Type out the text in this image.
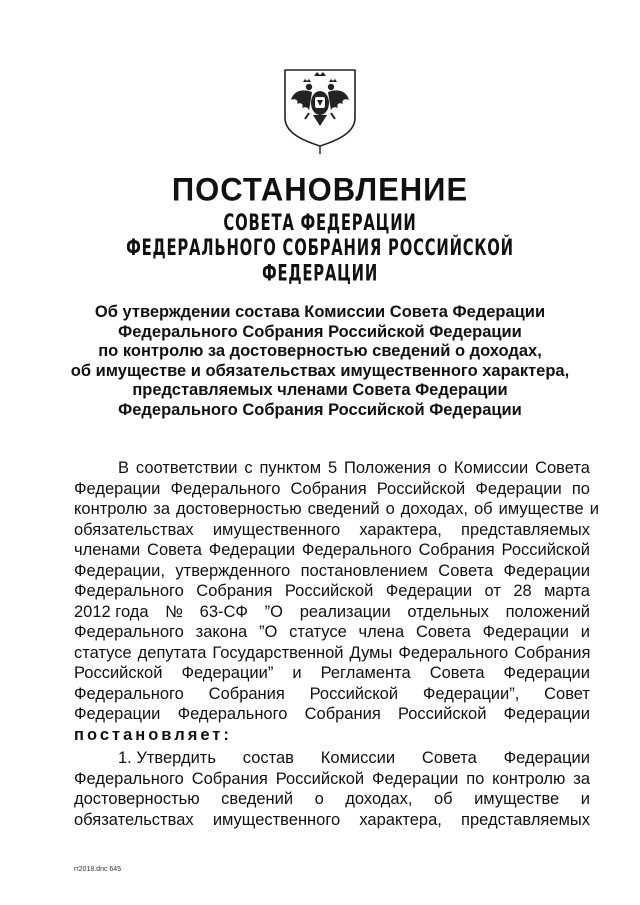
ПОСТАНОВЛЕНИЕ
СОВЕТА ФЕДЕРАЦИИ
ФЕДЕРАЛЬНОГО СОБРАНИЯ РОССИЙСКОЙ ФЕДЕРАЦИИ
Об утверждении состава Комиссии Совета Федерации
Федерального Собрания Российской Федерации
по контролю за достоверностью сведений о доходах,
об имуществе и обязательствах имущественного характера,
представляемых членами Совета Федерации
Федерального Собрания Российской Федерации
В соответствии с пунктом 5 Положения о Комиссии Совета
Федерации Федерального Собрания Российской Федерации по
контролю за достоверностью сведений о доходах, об имуществе и
обязательствах имущественного характера, представляемых
членами Совета Федерации Федерального Собрания Российской
Федерации, утвержденного постановлением Совета Федерации
Федерального Собрания Российской Федерации от 28 марта
2012 года № 63-СФ ”О реализации отдельных положений
Федерального закона ”О статусе члена Совета Федерации и
статусе депутата Государственной Думы Федерального Собрания
Российской Федерации” и Регламента Совета Федерации
Федерального Собрания Российской Федерации”, Совет
Федерации Федерального Собрания Российской Федерации
постановляет:
1. Утвердить состав Комиссии Совета Федерации
Федерального Собрания Российской Федерации по контролю за
достоверностью сведений о доходах, об имуществе и
обязательствах имущественного характера, представляемых
rr2018.dnc 645
